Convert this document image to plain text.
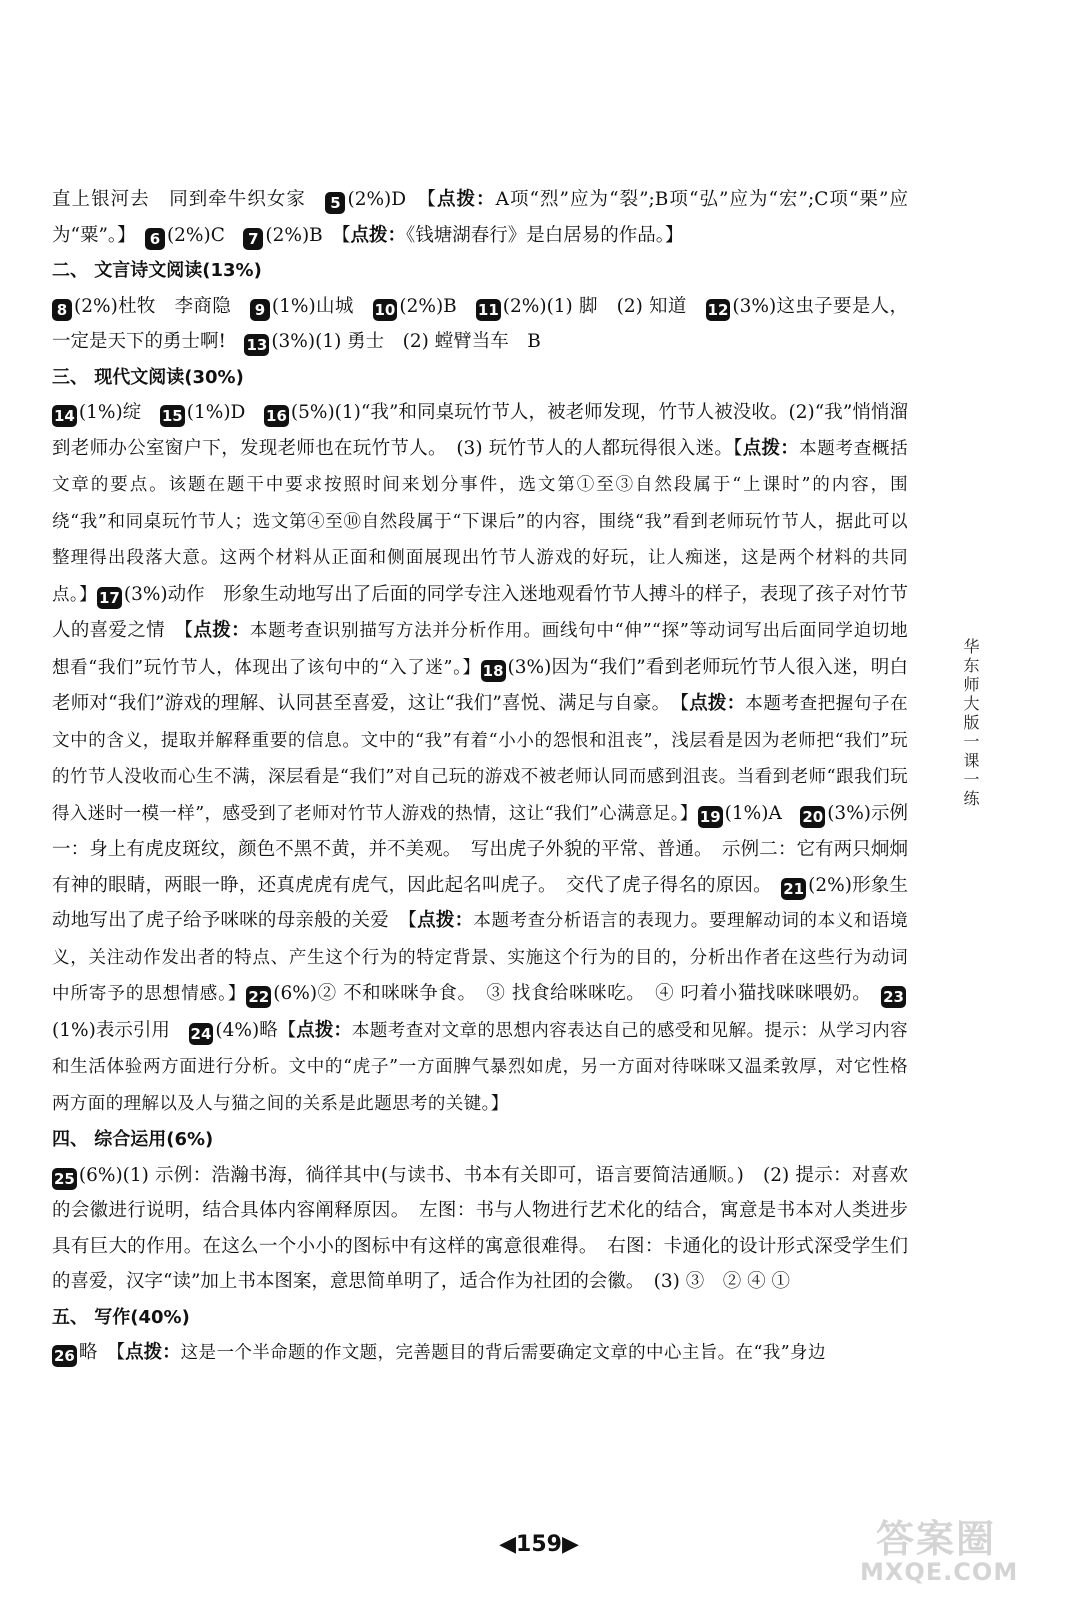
直上银河去　同到牵牛织女家　5 (2%)D　【点拨：A项“烈”应为“裂”;B项“弘”应为“宏”;C项“栗”应为“粟”。】　 6 (2%)C　7 (2%)B　【点拨：《钱塘湖春行》是白居易的作品。】

二、 文言诗文阅读(13%)

8 (2%)杜牧　李商隐　9 (1%)山城　10 (2%)B　11 (2%)(1) 脚　(2) 知道　12 (3%)这虫子要是人，一定是天下的勇士啊!　13 (3%)(1) 勇士　(2) 螳臂当车　B

三、 现代文阅读(30%)

14 (1%)绽　15 (1%)D　16 (5%)(1)“我”和同桌玩竹节人，被老师发现，竹节人被没收。(2)“我”悄悄溜到老师办公室窗户下，发现老师也在玩竹节人。　(3) 玩竹节人的人都玩得很入迷。【点拨：本题考查概括文章的要点。该题在题干中要求按照时间来划分事件，选文第①至③自然段属于“上课时”的内容，围绕“我”和同桌玩竹节人；选文第④至⑩自然段属于“下课后”的内容，围绕“我”看到老师玩竹节人，据此可以整理得出段落大意。这两个材料从正面和侧面展现出竹节人游戏的好玩，让人痴迷，这是两个材料的共同点。】 17 (3%)动作　形象生动地写出了后面的同学专注入迷地观看竹节人搏斗的样子，表现了孩子对竹节人的喜爱之情　【点拨：本题考查识别描写方法并分析作用。画线句中“伸”“探”等动词写出后面同学迫切地想看“我们”玩竹节人，体现出了该句中的“入了迷”。】 18 (3%)因为“我们”看到老师玩竹节人很入迷，明白老师对“我们”游戏的理解、认同甚至喜爱，这让“我们”喜悦、满足与自豪。　【点拨：本题考查把握句子在文中的含义，提取并解释重要的信息。文中的“我”有着“小小的怨恨和沮丧”，浅层看是因为老师把“我们”玩的竹节人没收而心生不满，深层看是“我们”对自己玩的游戏不被老师认同而感到沮丧。当看到老师“跟我们玩得入迷时一模一样”，感受到了老师对竹节人游戏的热情，这让“我们”心满意足。】 19 (1%)A　20 (3%)示例一：身上有虎皮斑纹，颜色不黑不黄，并不美观。　写出虎子外貌的平常、普通。　示例二：它有两只炯炯有神的眼睛，两眼一睁，还真虎虎有虎气，因此起名叫虎子。　交代了虎子得名的原因。　21 (2%)形象生动地写出了虎子给予咪咪的母亲般的关爱　【点拨：本题考查分析语言的表现力。要理解动词的本义和语境义，关注动作发出者的特点、产生这个行为的特定背景、实施这个行为的目的，分析出作者在这些行为动词中所寄予的思想情感。】 22 (6%)② 不和咪咪争食。　③ 找食给咪咪吃。　④ 叼着小猫找咪咪喂奶。　23(1%)表示引用　24 (4%)略【点拨：本题考查对文章的思想内容表达自己的感受和见解。提示：从学习内容和生活体验两方面进行分析。文中的“虎子”一方面脾气暴烈如虎，另一方面对待咪咪又温柔敦厚，对它性格两方面的理解以及人与猫之间的关系是此题思考的关键。】

四、 综合运用(6%)

25 (6%)(1) 示例：浩瀚书海，徜徉其中(与读书、书本有关即可，语言要简洁通顺。)　(2) 提示：对喜欢的会徽进行说明，结合具体内容阐释原因。　左图：书与人物进行艺术化的结合，寓意是书本对人类进步具有巨大的作用。在这么一个小小的图标中有这样的寓意很难得。　右图：卡通化的设计形式深受学生们的喜爱，汉字“读”加上书本图案，意思简单明了，适合作为社团的会徽。　(3) ③　② ④ ①

五、 写作(40%)

26 略　【点拨：这是一个半命题的作文题，完善题目的背后需要确定文章的中心主旨。在“我”身边

华东师大版一课一练
◀159▶	答案圈
MXQE.COM
